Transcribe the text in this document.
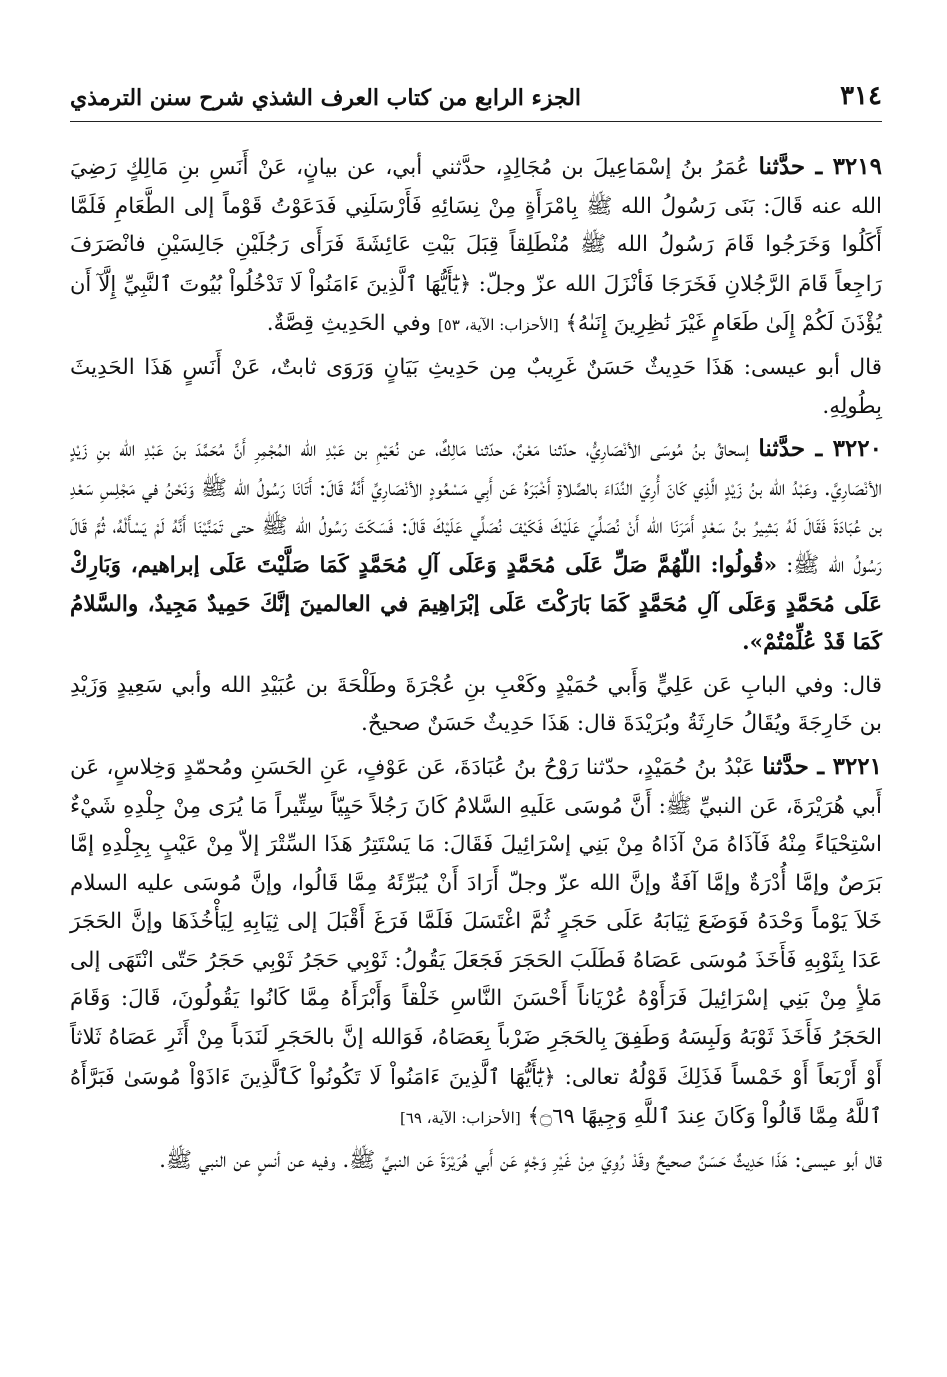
٣١٤
الجزء الرابع من كتاب العرف الشذي شرح سنن الترمذي

٣٢١٩ ـ حدَّثنا عُمَرُ بنُ إسْمَاعِيلَ بن مُجَالِدٍ، حدَّثني أبي، عن بيانٍ، عَنْ أَنَسِ بنِ مَالِكٍ رَضِيَ الله عنه قَالَ: بَنَى رَسُولُ الله ﷺ بِامْرَأَةٍ مِنْ نِسَائِهِ فَأَرْسَلَنِي فَدَعَوْتُ قَوْماً إلى الطَّعَامِ فَلَمَّا أَكَلُوا وَخَرَجُوا قَامَ رَسُولُ الله ﷺ مُنْطَلِقاً قِبَلَ بَيْتِ عَائِشَةَ فَرَأَى رَجُلَيْنِ جَالِسَيْنِ فانْصَرَفَ رَاجِعاً قَامَ الرَّجُلانِ فَخَرَجَا فَأنْزَلَ الله عزّ وجلّ: ﴿يَٰٓأَيُّهَا ٱلَّذِينَ ءَامَنُواْ لَا تَدْخُلُواْ بُيُوتَ ٱلنَّبِيِّ إِلَّآ أَن يُؤْذَنَ لَكُمْ إِلَىٰ طَعَامٍ غَيْرَ نَٰظِرِينَ إِنَىٰهُ﴾ [الأحزاب: الآية، ٥٣] وفي الحَدِيثِ قِصَّةٌ.

قال أبو عيسى: هَذَا حَدِيثٌ حَسَنٌ غَرِيبٌ مِن حَدِيثِ بَيَانٍ وَرَوَى ثابتٌ، عَنْ أَنَسٍ هَذَا الحَدِيثَ بِطُولِهِ.

٣٢٢٠ ـ حدَّثنا إسحاقُ بنُ مُوسَى الأنْصَارِيُّ، حدّثنا مَعْنٌ، حدّثنا مَالِكٌ، عن نُعَيْمِ بن عَبْدِ الله المُجْمِرِ أَنَّ مُحَمَّدَ بنَ عَبْدِ الله بنِ زَيْدٍ الأنْصَارِيَّ. وعَبْدُ الله بنُ زَيْدٍ الَّذِي كَانَ أُرِيَ النِّدَاءَ بالصَّلاةِ أَخْبَرَهُ عَن أَبِي مَسْعُودٍ الأنْصَارِيِّ أَنَّهُ قَالَ: أَتَانَا رَسُولُ الله ﷺ وَنَحْنُ في مَجْلِسِ سَعْدِ بن عُبَادَةَ فَقَالَ لَهُ بَشِيرُ بنُ سَعْدٍ أَمَرَنَا الله أَنْ نُصَلِّيَ عَلَيْكَ فَكَيْفَ نُصَلِّي عَلَيْكَ قَالَ: فَسَكَتَ رَسُولُ الله ﷺ حتى تَمَنَّيْنَا أَنَّهُ لَمْ يَسْأَلْهُ، ثُمَّ قَالَ رَسُولُ الله ﷺ: «قُولُوا: اللّهُمَّ صَلِّ عَلَى مُحَمَّدٍ وَعَلَى آلِ مُحَمَّدٍ كَمَا صَلَّيْتَ عَلَى إبراهيم، وَبَارِكْ عَلَى مُحَمَّدٍ وَعَلَى آلِ مُحَمَّدٍ كَمَا بَارَكْتَ عَلَى إبْرَاهِيمَ في العالمينَ إنَّكَ حَمِيدٌ مَجِيدٌ، والسَّلامُ كَمَا قَدْ عُلِّمْتُمْ».

قال: وفي البابِ عَن عَلِيٍّ وَأَبي حُمَيْدٍ وكَعْبِ بنِ عُجْرَةَ وطَلْحَةَ بن عُبَيْدِ الله وأبي سَعِيدٍ وَزَيْدِ بن خَارِجَةَ ويُقَالُ حَارِثَةُ وبُرَيْدَةَ قال: هَذَا حَدِيثٌ حَسَنٌ صحيحٌ.

٣٢٢١ ـ حدَّثنا عَبْدُ بنُ حُمَيْدٍ، حدّثنا رَوْحُ بنُ عُبَادَةَ، عَن عَوْفٍ، عَنِ الحَسَنِ ومُحمّدٍ وَخِلاسٍ، عَن أَبي هُرَيْرَةَ، عَن النبيِّ ﷺ: أَنَّ مُوسَى عَلَيهِ السَّلامُ كَانَ رَجُلاً حَيِيّاً سِتِّيراً مَا يُرَى مِنْ جِلْدِهِ شَيْءٌ اسْتِحْيَاءً مِنْهُ فَآذَاهُ مَنْ آذَاهُ مِنْ بَنِي إسْرَائِيلَ فَقَالَ: مَا يَسْتَتِرُ هَذَا السِّتْرَ إلاّ مِنْ عَيْبٍ بِجِلْدِهِ إمَّا بَرَصٌ وإمَّا أُدْرَةٌ وإمَّا آفَةٌ وإنَّ الله عزّ وجلّ أَرَادَ أَنْ يُبَرِّئَهُ مِمَّا قَالُوا، وإنَّ مُوسَى عليه السلام خَلاَ يَوْماً وَحْدَهُ فَوَضَعَ ثِيَابَهُ عَلَى حَجَرٍ ثُمَّ اغْتَسَلَ فَلَمَّا فَرَغَ أَقْبَلَ إلى ثِيَابِهِ لِيَأْخُذَهَا وإنَّ الحَجَرَ عَدَا بِثَوْبِهِ فَأَخَذَ مُوسَى عَصَاهُ فَطَلَبَ الحَجَرَ فَجَعَلَ يَقُولُ: ثَوْبِي حَجَرُ ثَوْبِي حَجَرُ حَتّى انْتَهَى إلى مَلأٍ مِنْ بَنِي إسْرَائِيلَ فَرَأَوْهُ عُرْيَاناً أَحْسَنَ النَّاسِ خَلْقاً وَأَبْرَأَهُ مِمَّا كَانُوا يَقُولُونَ، قَالَ: وَقَامَ الحَجَرُ فَأَخَذَ ثَوْبَهُ وَلَبِسَهُ وَطَفِقَ بِالحَجَرِ ضَرْباً بِعَصَاهُ، فَوَالله إنَّ بالحَجَرِ لَنَدَباً مِنْ أَثَرِ عَصَاهُ ثَلاثاً أَوْ أَرْبَعاً أَوْ خَمْساً فَذَلِكَ قَوْلُهُ تعالى: ﴿يَٰٓأَيُّهَا ٱلَّذِينَ ءَامَنُواْ لَا تَكُونُواْ كَٱلَّذِينَ ءَاذَوْاْ مُوسَىٰ فَبَرَّأَهُ ٱللَّهُ مِمَّا قَالُواْ وَكَانَ عِندَ ٱللَّهِ وَجِيهًا ۝٦٩﴾ [الأحزاب: الآية، ٦٩]

قال أبو عيسى: هَذَا حَدِيثٌ حَسَنٌ صحيحٌ وقَدْ رُوِيَ مِنْ غَيْرِ وَجْهٍ عَن أَبي هُرَيْرَةَ عَن النبيِّ ﷺ. وفيه عن أنسٍ عن النبي ﷺ.
